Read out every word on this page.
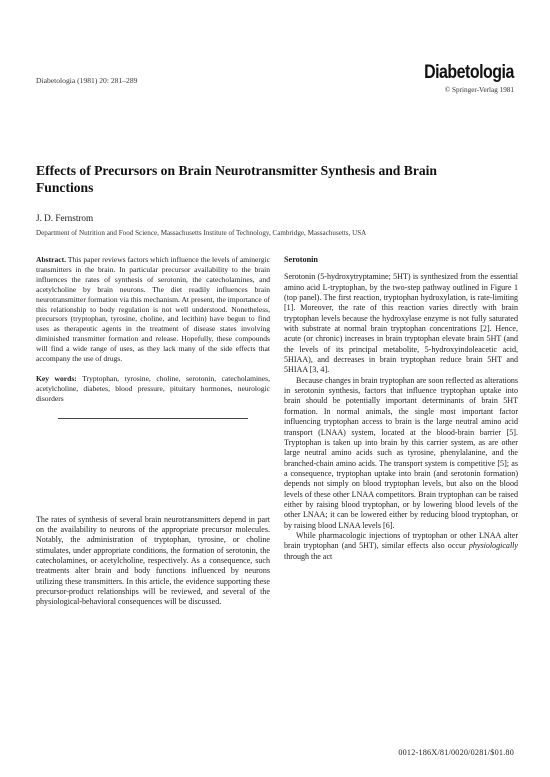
Diabetologia (1981) 20: 281–289	Diabetologia
© Springer-Verlag 1981
Effects of Precursors on Brain Neurotransmitter Synthesis and Brain Functions
J. D. Fernstrom
Department of Nutrition and Food Science, Massachusetts Institute of Technology, Cambridge, Massachusetts, USA

Abstract. This paper reviews factors which influence the levels of aminergic transmitters in the brain. In particular precursor availability to the brain influences the rates of synthesis of serotonin, the catecholamines, and acetylcholine by brain neurons. The diet readily influences brain neurotransmitter formation via this mechanism. At present, the importance of this relationship to body regulation is not well understood. Nonetheless, precursors (tryptophan, tyrosine, choline, and lecithin) have begun to find uses as therapeutic agents in the treatment of disease states involving diminished transmitter formation and release. Hopefully, these compounds will find a wide range of uses, as they lack many of the side effects that accompany the use of drugs.

Key words: Tryptophan, tyrosine, choline, serotonin, catecholamines, acetylcholine, diabetes, blood pressure, pituitary hormones, neurologic disorders

The rates of synthesis of several brain neurotransmitters depend in part on the availability to neurons of the appropriate precursor molecules. Notably, the administration of tryptophan, tyrosine, or choline stimulates, under appropriate conditions, the formation of serotonin, the catecholamines, or acetylcholine, respectively. As a consequence, such treatments alter brain and body functions influenced by neurons utilizing these transmitters. In this article, the evidence supporting these precursor-product relationships will be reviewed, and several of the physiological-behavioral consequences will be discussed.

Serotonin

Serotonin (5-hydroxytryptamine; 5HT) is synthesized from the essential amino acid L-tryptophan, by the two-step pathway outlined in Figure 1 (top panel). The first reaction, tryptophan hydroxylation, is rate-limiting [1]. Moreover, the rate of this reaction varies directly with brain tryptophan levels because the hydroxylase enzyme is not fully saturated with substrate at normal brain tryptophan concentrations [2]. Hence, acute (or chronic) increases in brain tryptophan elevate brain 5HT (and the levels of its principal metabolite, 5-hydroxyindoleacetic acid, 5HIAA), and decreases in brain tryptophan reduce brain 5HT and 5HIAA [3, 4].

Because changes in brain tryptophan are soon reflected as alterations in serotonin synthesis, factors that influence tryptophan uptake into brain should be potentially important determinants of brain 5HT formation. In normal animals, the single most important factor influencing tryptophan access to brain is the large neutral amino acid transport (LNAA) system, located at the blood-brain barrier [5]. Tryptophan is taken up into brain by this carrier system, as are other large neutral amino acids such as tyrosine, phenylalanine, and the branched-chain amino acids. The transport system is competitive [5]; as a consequence, tryptophan uptake into brain (and serotonin formation) depends not simply on blood tryptophan levels, but also on the blood levels of these other LNAA competitors. Brain tryptophan can be raised either by raising blood tryptophan, or by lowering blood levels of the other LNAA; it can be lowered either by reducing blood tryptophan, or by raising blood LNAA levels [6].

While pharmacologic injections of tryptophan or other LNAA alter brain tryptophan (and 5HT), similar effects also occur physiologically through the act

0012-186X/81/0020/0281/$01.80
